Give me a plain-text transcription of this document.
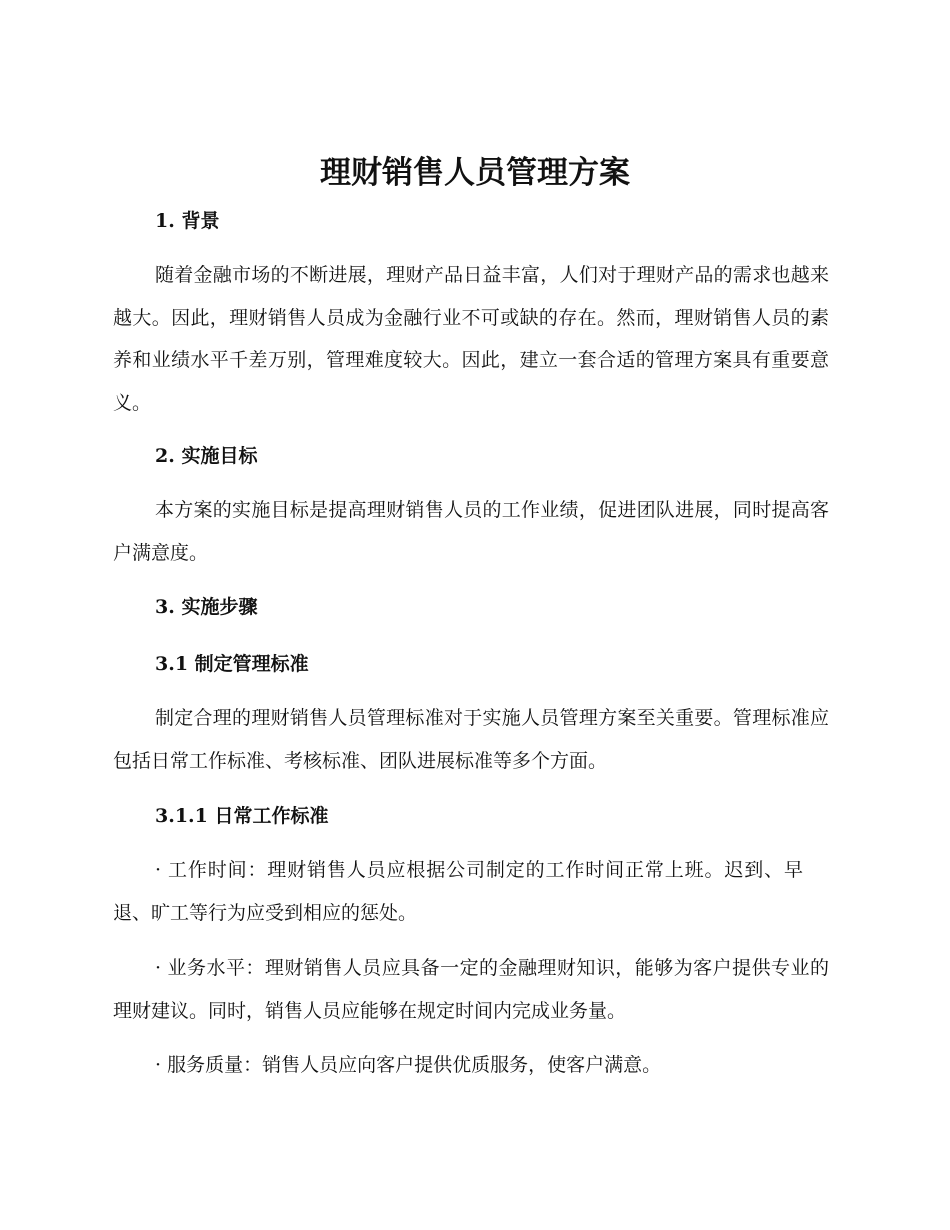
理财销售人员管理方案
1. 背景

随着金融市场的不断进展，理财产品日益丰富，人们对于理财产品的需求也越来越大。因此，理财销售人员成为金融行业不可或缺的存在。然而，理财销售人员的素养和业绩水平千差万别，管理难度较大。因此，建立一套合适的管理方案具有重要意义。

2. 实施目标

本方案的实施目标是提高理财销售人员的工作业绩，促进团队进展，同时提高客户满意度。

3. 实施步骤
3.1 制定管理标准

制定合理的理财销售人员管理标准对于实施人员管理方案至关重要。管理标准应包括日常工作标准、考核标准、团队进展标准等多个方面。

3.1.1 日常工作标准

· 工作时间：理财销售人员应根据公司制定的工作时间正常上班。迟到、早退、旷工等行为应受到相应的惩处。

· 业务水平：理财销售人员应具备一定的金融理财知识，能够为客户提供专业的理财建议。同时，销售人员应能够在规定时间内完成业务量。

· 服务质量：销售人员应向客户提供优质服务，使客户满意。
